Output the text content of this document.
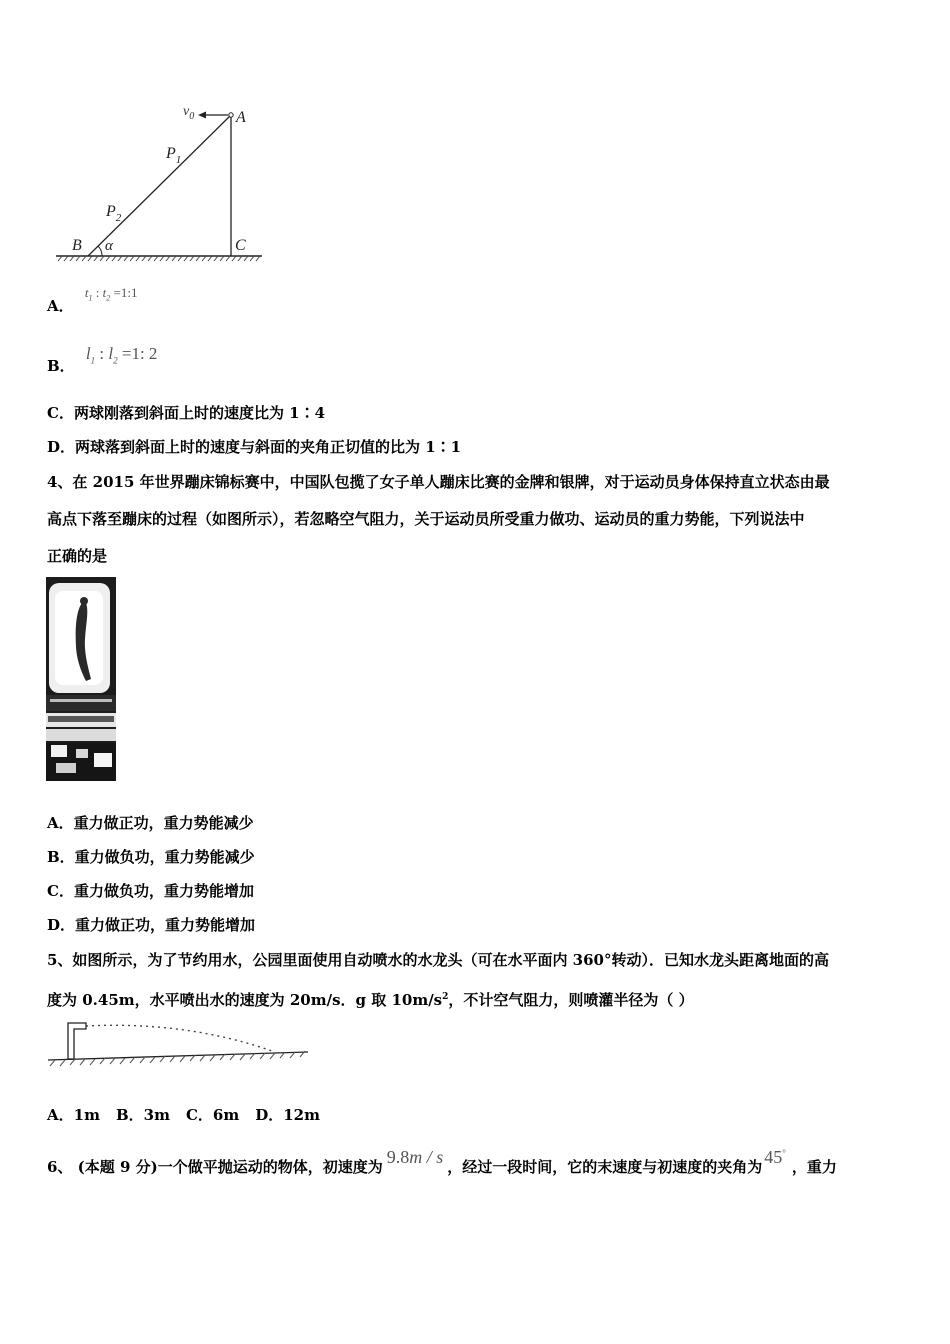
$v_0$	A
$P_1$
$P_2$
B α	C
A． $t_1$ : $t_2$ =1:1
B． $l_1$ : $l_2 =1$: 2
C．两球刚落到斜面上时的速度比为 1∶4
D．两球落到斜面上时的速度与斜面的夹角正切值的比为 1∶1
4、在 2015 年世界蹦床锦标赛中，中国队包揽了女子单人蹦床比赛的金牌和银牌，对于运动员身体保持直立状态由最
高点下落至蹦床的过程（如图所示），若忽略空气阻力，关于运动员所受重力做功、运动员的重力势能，下列说法中
正确的是
A．重力做正功，重力势能减少
B．重力做负功，重力势能减少
C．重力做负功，重力势能增加
D．重力做正功，重力势能增加
5、如图所示，为了节约用水，公园里面使用自动喷水的水龙头（可在水平面内 360°转动）．已知水龙头距离地面的高
度为 0.45m，水平喷出水的速度为 20m/s．g 取 $10m/s^2$，不计空气阻力，则喷灌半径为（ ）
A．1m B．3m C．6m D．12m
6、 (本题 9 分)一个做平抛运动的物体，初速度为 9.8m / s ，经过一段时间，它的末速度与初速度的夹角为 45°，重力
